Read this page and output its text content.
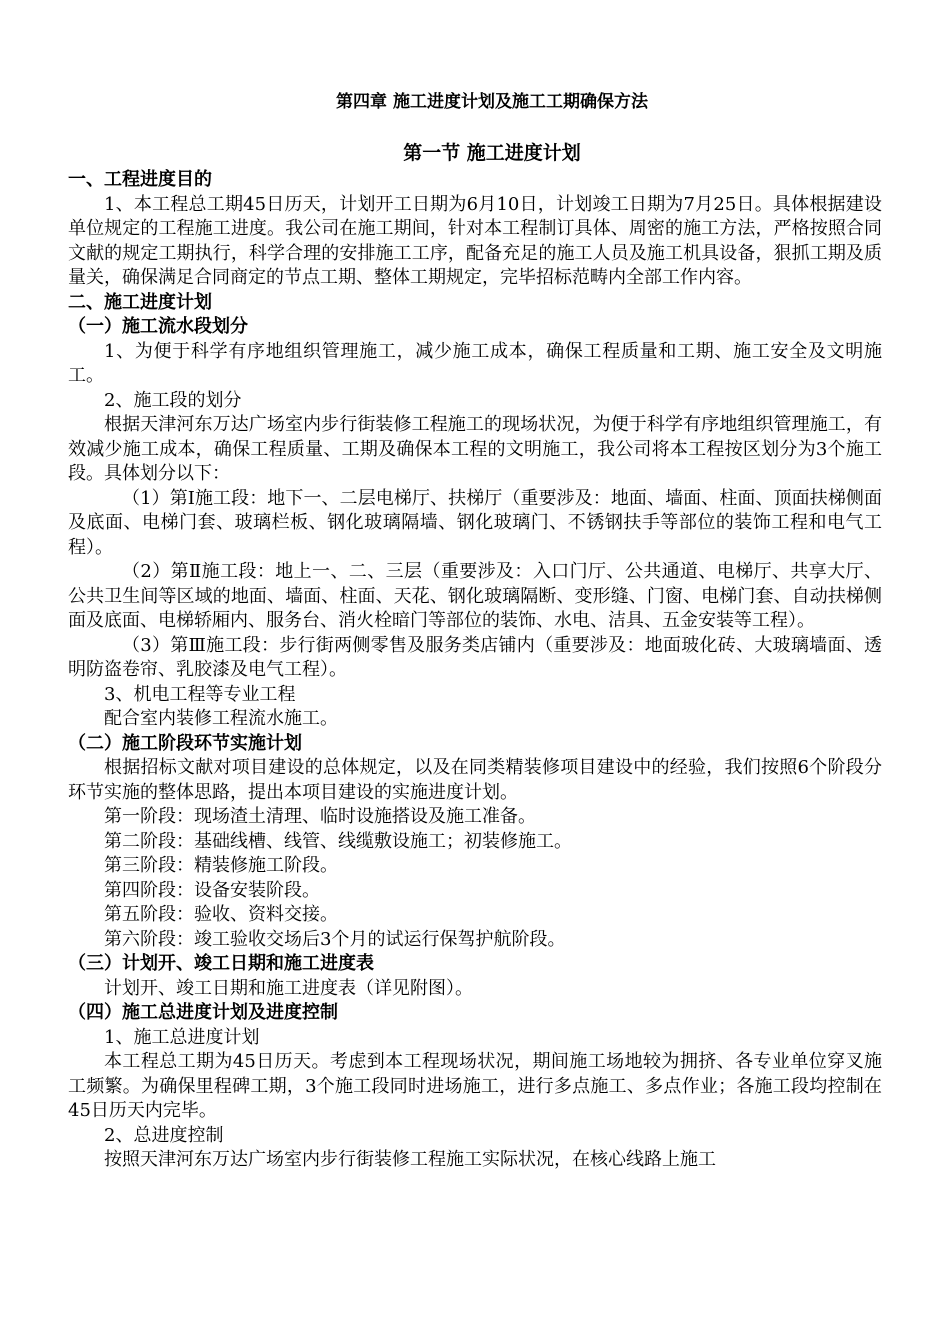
第四章 施工进度计划及施工工期确保方法
第一节 施工进度计划
一、工程进度目的
1、本工程总工期45日历天，计划开工日期为6月10日，计划竣工日期为7月25日。具体根据建设单位规定的工程施工进度。我公司在施工期间，针对本工程制订具体、周密的施工方法，严格按照合同文献的规定工期执行，科学合理的安排施工工序，配备充足的施工人员及施工机具设备，狠抓工期及质量关，确保满足合同商定的节点工期、整体工期规定，完毕招标范畴内全部工作内容。
二、施工进度计划
（一）施工流水段划分
1、为便于科学有序地组织管理施工，减少施工成本，确保工程质量和工期、施工安全及文明施工。
2、施工段的划分
根据天津河东万达广场室内步行街装修工程施工的现场状况，为便于科学有序地组织管理施工，有效减少施工成本，确保工程质量、工期及确保本工程的文明施工，我公司将本工程按区划分为3个施工段。具体划分以下：
（1）第Ⅰ施工段：地下一、二层电梯厅、扶梯厅（重要涉及：地面、墙面、柱面、顶面扶梯侧面及底面、电梯门套、玻璃栏板、钢化玻璃隔墙、钢化玻璃门、不锈钢扶手等部位的装饰工程和电气工程）。
（2）第Ⅱ施工段：地上一、二、三层（重要涉及：入口门厅、公共通道、电梯厅、共享大厅、公共卫生间等区域的地面、墙面、柱面、天花、钢化玻璃隔断、变形缝、门窗、电梯门套、自动扶梯侧面及底面、电梯轿厢内、服务台、消火栓暗门等部位的装饰、水电、洁具、五金安装等工程）。
（3）第Ⅲ施工段：步行街两侧零售及服务类店铺内（重要涉及：地面玻化砖、大玻璃墙面、透明防盗卷帘、乳胶漆及电气工程）。
3、机电工程等专业工程
配合室内装修工程流水施工。
（二）施工阶段环节实施计划
根据招标文献对项目建设的总体规定，以及在同类精装修项目建设中的经验，我们按照6个阶段分环节实施的整体思路，提出本项目建设的实施进度计划。
第一阶段：现场渣土清理、临时设施搭设及施工准备。
第二阶段：基础线槽、线管、线缆敷设施工；初装修施工。
第三阶段：精装修施工阶段。
第四阶段：设备安装阶段。
第五阶段：验收、资料交接。
第六阶段：竣工验收交场后3个月的试运行保驾护航阶段。
（三）计划开、竣工日期和施工进度表
计划开、竣工日期和施工进度表（详见附图）。
（四）施工总进度计划及进度控制
1、施工总进度计划
本工程总工期为45日历天。考虑到本工程现场状况，期间施工场地较为拥挤、各专业单位穿叉施工频繁。为确保里程碑工期，3个施工段同时进场施工，进行多点施工、多点作业；各施工段均控制在45日历天内完毕。
2、总进度控制
按照天津河东万达广场室内步行街装修工程施工实际状况，在核心线路上施工
